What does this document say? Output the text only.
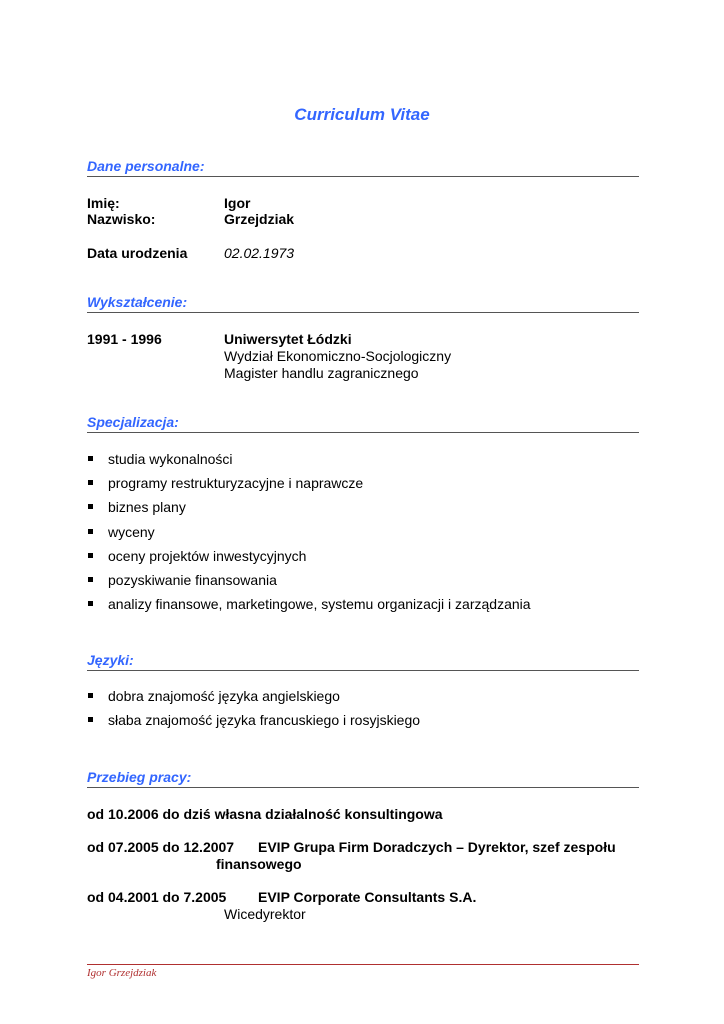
Curriculum Vitae
Dane personalne:
Imię:	Igor
Nazwisko:	Grzejdziak
Data urodzenia	02.02.1973
Wykształcenie:
1991 - 1996	Uniwersytet Łódzki
Wydział Ekonomiczno-Socjologiczny
Magister handlu zagranicznego
Specjalizacja:
studia wykonalności
programy restrukturyzacyjne i naprawcze
biznes plany
wyceny
oceny projektów inwestycyjnych
pozyskiwanie finansowania
analizy finansowe, marketingowe, systemu organizacji i zarządzania
Języki:
dobra znajomość języka angielskiego
słaba znajomość języka francuskiego i rosyjskiego
Przebieg pracy:
od 10.2006 do dziś własna działalność konsultingowa
od 07.2005 do 12.2007 EVIP Grupa Firm Doradczych – Dyrektor, szef zespołu
finansowego
od 04.2001 do 7.2005 EVIP Corporate Consultants S.A.
Wicedyrektor
Igor Grzejdziak
